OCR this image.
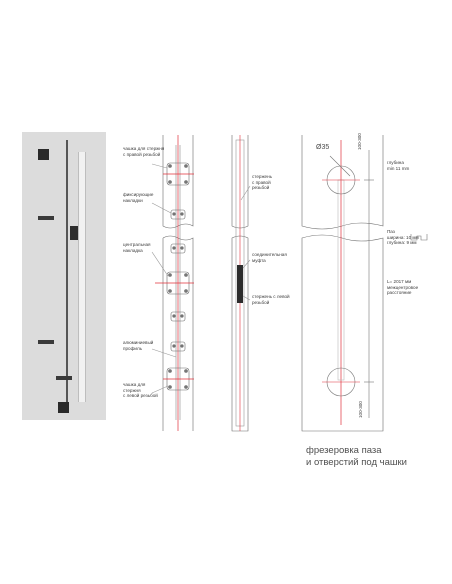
чашка для стержня
с правой резьбой
фиксирующие
накладки
центральная
накладка
алюминиевый
профиль
чашка для
стержня
с левой резьбой
стержень
с правой
резьбой
соединительная
муфта
стержень с левой
резьбой
Ø35
глубина
min 11 mm
Паз
ширина: 10 мм
глубина: 9 мм
L= 2017 мм
межцентровое
расстояние
100-300
100-300
фрезеровка паза
и отверстий под чашки
